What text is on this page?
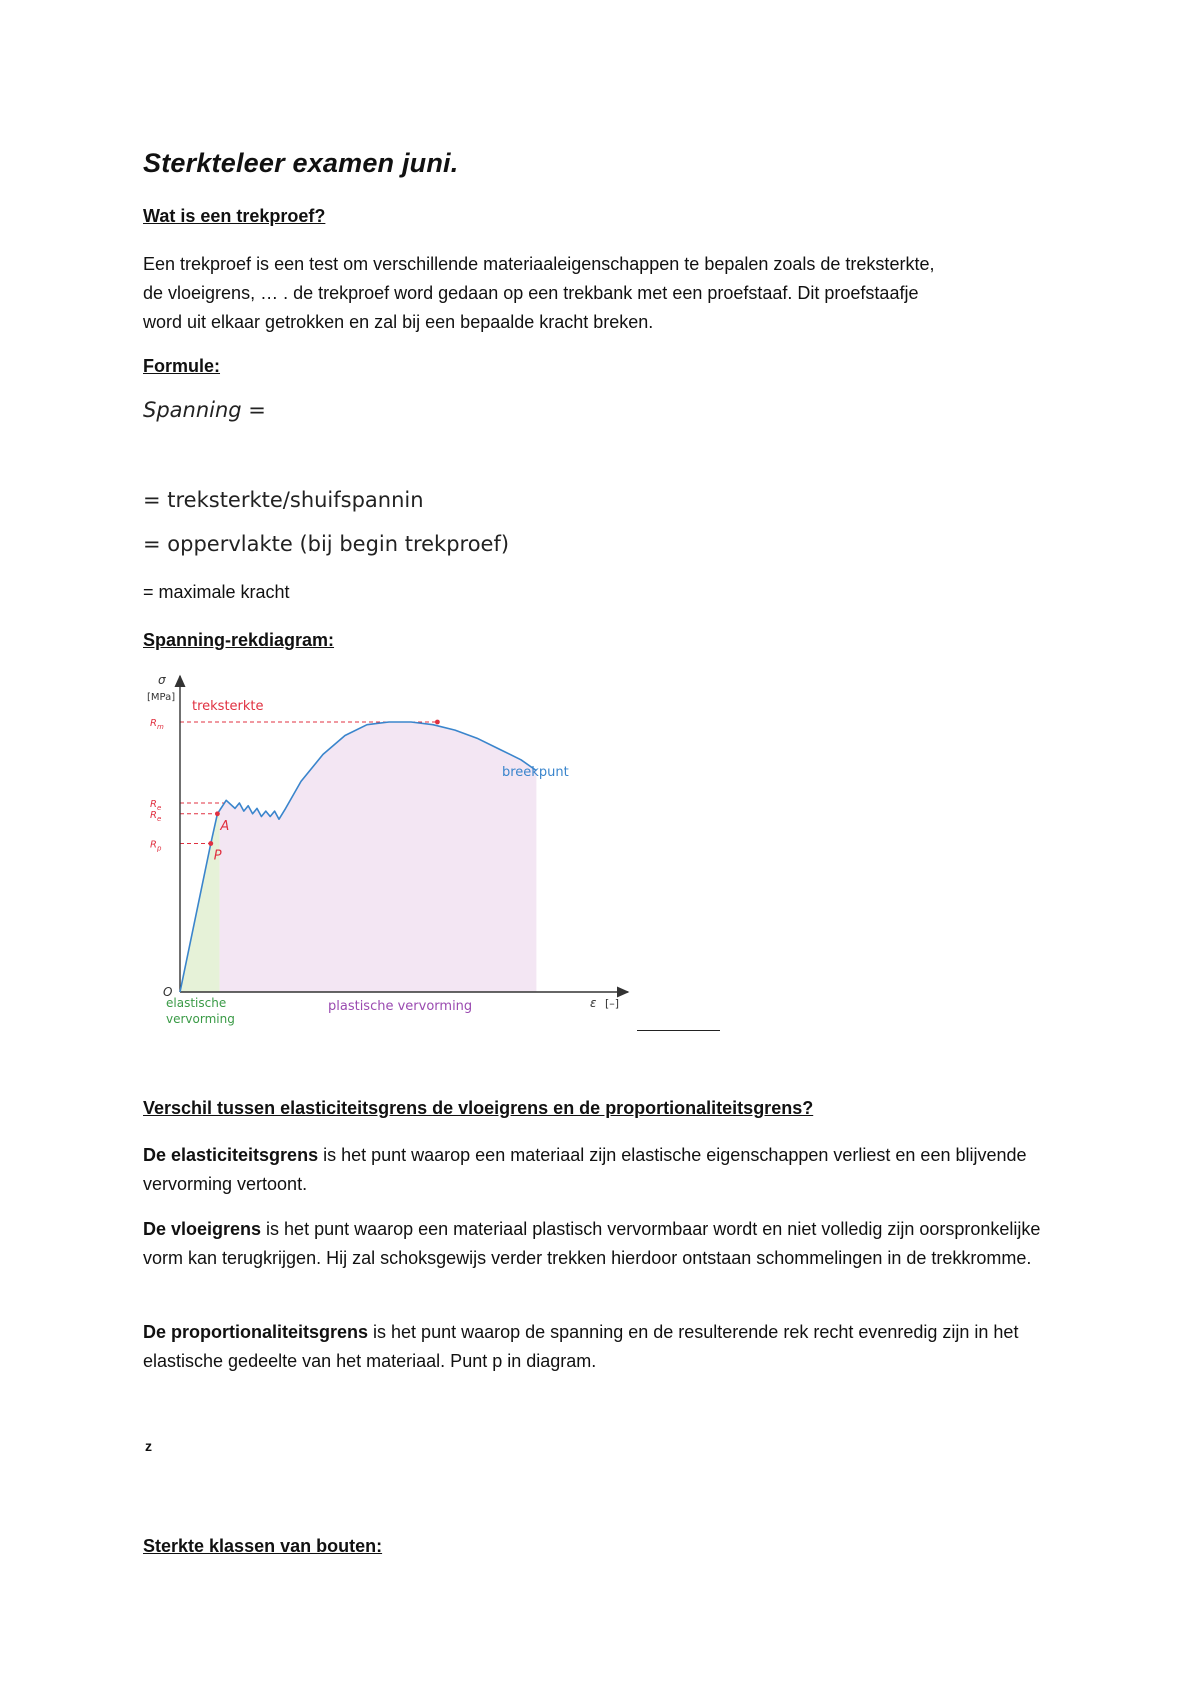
Sterkteleer examen juni.
Wat is een trekproef?
Een trekproef is een test om verschillende materiaaleigenschappen te bepalen zoals de treksterkte,
de vloeigrens, … . de trekproef word gedaan op een trekbank met een proefstaaf. Dit proefstaafje
word uit elkaar getrokken en zal bij een bepaalde kracht breken.
Formule:
Spanning =
= treksterkte/shuifspannin
= oppervlakte (bij begin trekproef)
= maximale kracht
Spanning-rekdiagram:
R m
R e
R e
R p	P
A
σ
[MPa]
O
ε [–]
treksterkte
breekpunt
elastische
vervorming
plastische vervorming
Verschil tussen elasticiteitsgrens de vloeigrens en de proportionaliteitsgrens?
De elasticiteitsgrens is het punt waarop een materiaal zijn elastische eigenschappen verliest en een blijvende vervorming vertoont.
De vloeigrens is het punt waarop een materiaal plastisch vervormbaar wordt en niet volledig zijn oorspronkelijke vorm kan terugkrijgen. Hij zal schoksgewijs verder trekken hierdoor ontstaan schommelingen in de trekkromme.
De proportionaliteitsgrens is het punt waarop de spanning en de resulterende rek recht evenredig zijn in het elastische gedeelte van het materiaal. Punt p in diagram.
z
Sterkte klassen van bouten:
